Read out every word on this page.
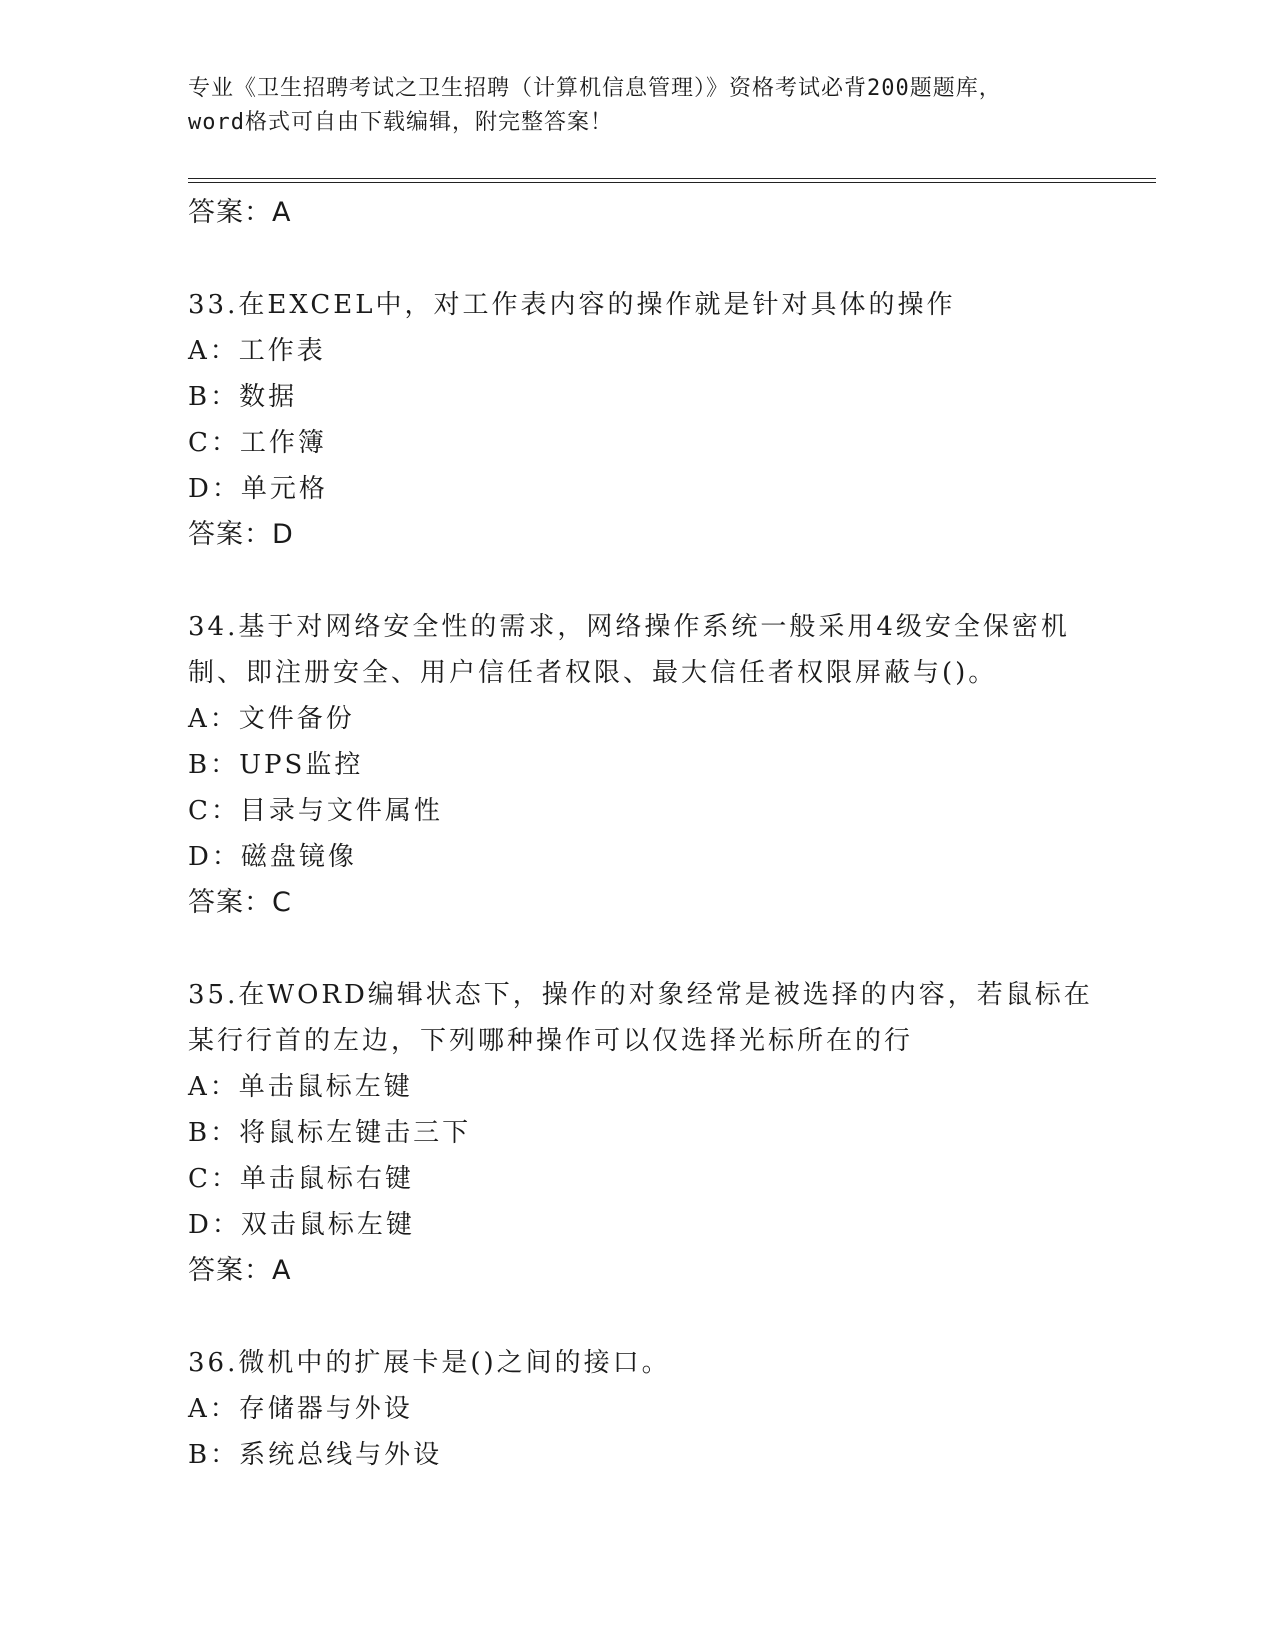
专业《卫生招聘考试之卫生招聘（计算机信息管理）》资格考试必背200题题库，
word格式可自由下载编辑，附完整答案！
答案：A
33.在EXCEL中，对工作表内容的操作就是针对具体的操作
A：工作表
B：数据
C：工作簿
D：单元格
答案：D
34.基于对网络安全性的需求，网络操作系统一般采用4级安全保密机
制、即注册安全、用户信任者权限、最大信任者权限屏蔽与()。
A：文件备份
B：UPS监控
C：目录与文件属性
D：磁盘镜像
答案：C
35.在WORD编辑状态下，操作的对象经常是被选择的内容，若鼠标在
某行行首的左边，下列哪种操作可以仅选择光标所在的行
A：单击鼠标左键
B：将鼠标左键击三下
C：单击鼠标右键
D：双击鼠标左键
答案：A
36.微机中的扩展卡是()之间的接口。
A：存储器与外设
B：系统总线与外设
